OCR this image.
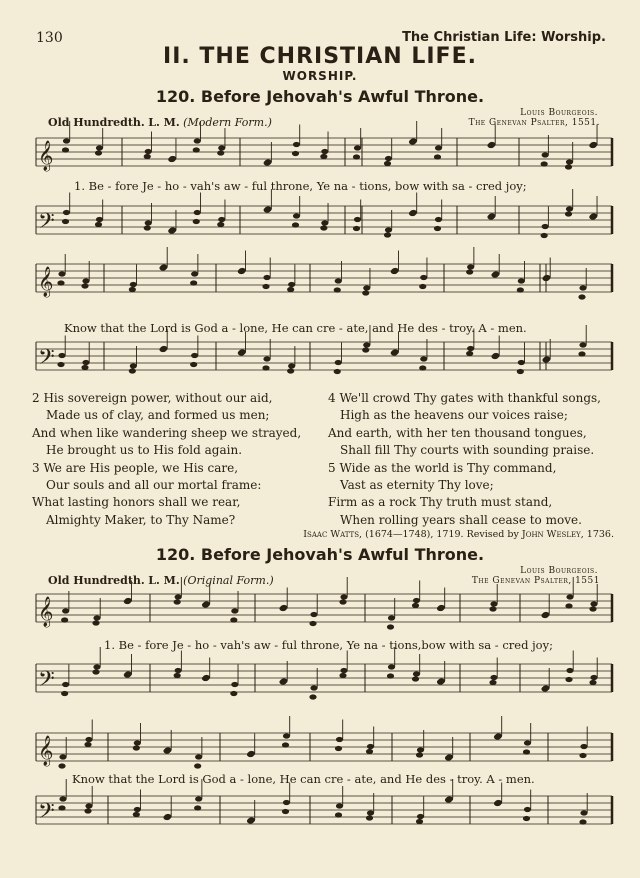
130	The Christian Life: Worship.
II. THE CHRISTIAN LIFE.
WORSHIP.
120. Before Jehovah's Awful Throne.
Louis Bourgeois.
Old Hundredth. L. M. (Modern Form.)	The Genevan Psalter, 1551.
𝄞
𝄢
𝄞
𝄢
𝄞
𝄢
𝄞
𝄢
1. Be - fore Je - ho - vah's aw - ful throne, Ye na - tions, bow with sa - cred joy;
Know that the Lord is God a - lone, He can cre - ate, and He des - troy. A - men.
2 His sovereign power, without our aid,
Made us of clay, and formed us men;
And when like wandering sheep we strayed,
He brought us to His fold again.
3 We are His people, we His care,
Our souls and all our mortal frame:
What lasting honors shall we rear,
Almighty Maker, to Thy Name?
4 We'll crowd Thy gates with thankful songs,
High as the heavens our voices raise;
And earth, with her ten thousand tongues,
Shall fill Thy courts with sounding praise.
5 Wide as the world is Thy command,
Vast as eternity Thy love;
Firm as a rock Thy truth must stand,
When rolling years shall cease to move.
Isaac Watts, (1674—1748), 1719. Revised by John Wesley, 1736.
120. Before Jehovah's Awful Throne.
Louis Bourgeois.
Old Hundredth. L. M. (Original Form.)	The Genevan Psalter, 1551
1. Be - fore Je - ho - vah's aw - ful throne, Ye na - tions,bow with sa - cred joy;
Know that the Lord is God a - lone, He can cre - ate, and He des - troy. A - men.
